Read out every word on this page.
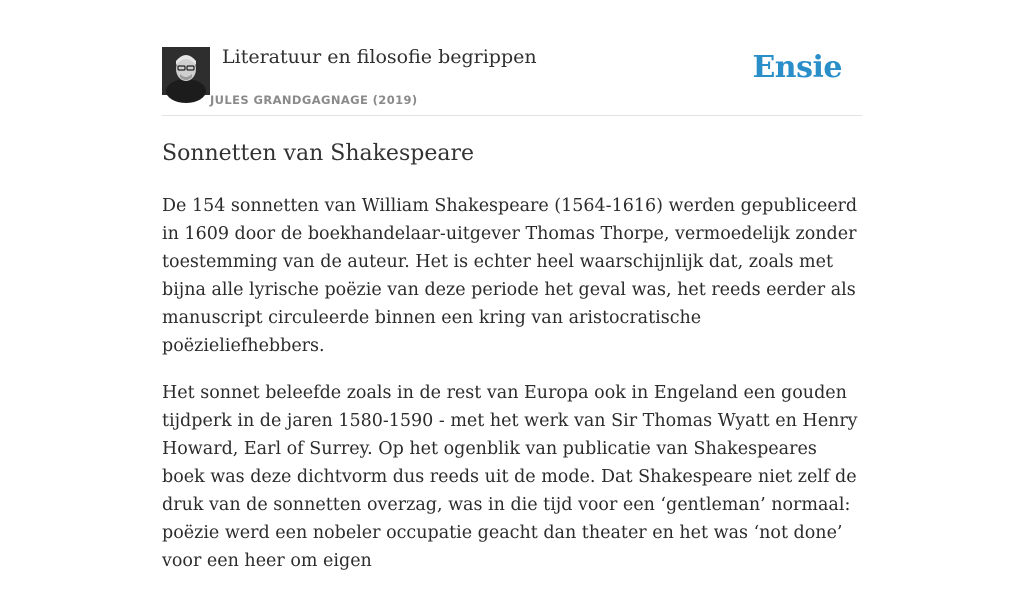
Literatuur en filosofie begrippen
JULES GRANDGAGNAGE (2019)
Ensie
Sonnetten van Shakespeare

De 154 sonnetten van William Shakespeare (1564-1616) werden gepubliceerd in 1609 door de boekhandelaar-uitgever Thomas Thorpe, vermoedelijk zonder toestemming van de auteur. Het is echter heel waarschijnlijk dat, zoals met bijna alle lyrische poëzie van deze periode het geval was, het reeds eerder als manuscript circuleerde binnen een kring van aristocratische poëzieliefhebbers.

Het sonnet beleefde zoals in de rest van Europa ook in Engeland een gouden tijdperk in de jaren 1580-1590 - met het werk van Sir Thomas Wyatt en Henry Howard, Earl of Surrey. Op het ogenblik van publicatie van Shakespeares boek was deze dichtvorm dus reeds uit de mode. Dat Shakespeare niet zelf de druk van de sonnetten overzag, was in die tijd voor een ‘gentleman’ normaal: poëzie werd een nobeler occupatie geacht dan theater en het was ‘not done’ voor een heer om eigen
